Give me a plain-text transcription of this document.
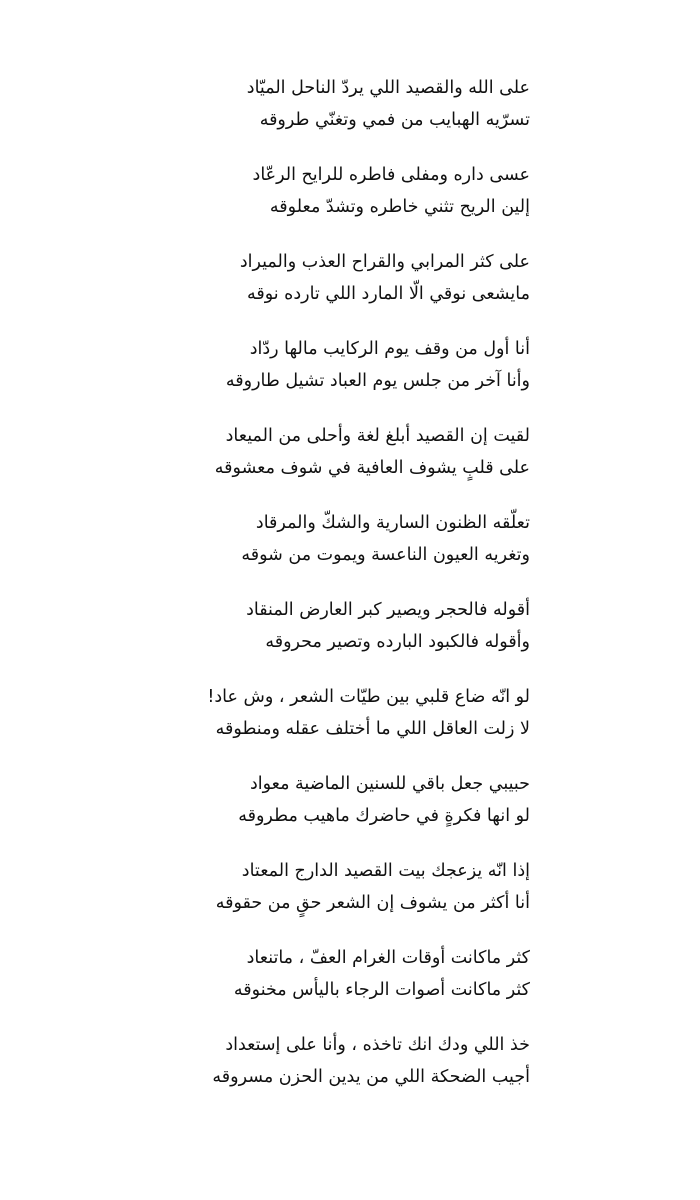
على الله والقصيد اللي يردّ الناحل الميّاد
تسرّيه الهبايب من فمي وتغنّي طروقه
عسى داره ومفلى فاطره للرايح الرعّاد
إلين الريح تثني خاطره وتشدّ معلوقه
على كثر المرابي والقراح العذب والميراد
مايشعى نوقي الّا المارد اللي تارده نوقه
أنا أول من وقف يوم الركايب مالها ردّاد
وأنا آخر من جلس يوم العباد تشيل طاروقه
لقيت إن القصيد أبلغ لغة وأحلى من الميعاد
على قلبٍ يشوف العافية في شوف معشوقه
تعلّقه الظنون السارية والشكّ والمرقاد
وتغريه العيون الناعسة ويموت من شوقه
أقوله فالحجر ويصير كبر العارض المنقاد
وأقوله فالكبود البارده وتصير محروقه
لو انّه ضاع قلبي بين طيّات الشعر ، وش عاد!
لا زلت العاقل اللي ما أختلف عقله ومنطوقه
حبيبي جعل باقي للسنين الماضية معواد
لو انها فكرةٍ في حاضرك ماهيب مطروقه
إذا انّه يزعجك بيت القصيد الدارج المعتاد
أنا أكثر من يشوف إن الشعر حقٍ من حقوقه
كثر ماكانت أوقات الغرام العفّ ، ماتنعاد
كثر ماكانت أصوات الرجاء باليأس مخنوقه
خذ اللي ودك انك تاخذه ، وأنا على إستعداد
أجيب الضحكة اللي من يدين الحزن مسروقه
